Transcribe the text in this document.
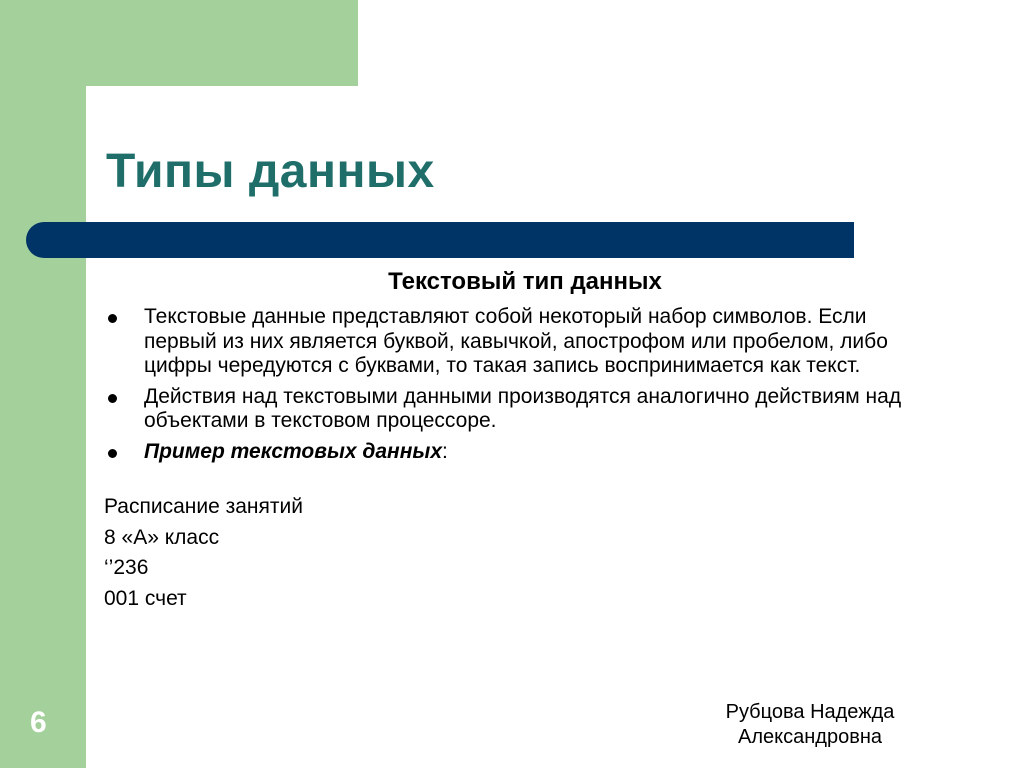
Типы данных
Текстовый тип данных
Текстовые данные представляют собой некоторый набор символов. Если первый из них является буквой, кавычкой, апострофом или пробелом, либо цифры чередуются с буквами, то такая запись воспринимается как текст.
Действия над текстовыми данными производятся аналогично действиям над объектами в текстовом процессоре.
Пример текстовых данных:
Расписание занятий
8 «А» класс
‘’236
001 счет
6	Рубцова Надежда
Александровна
